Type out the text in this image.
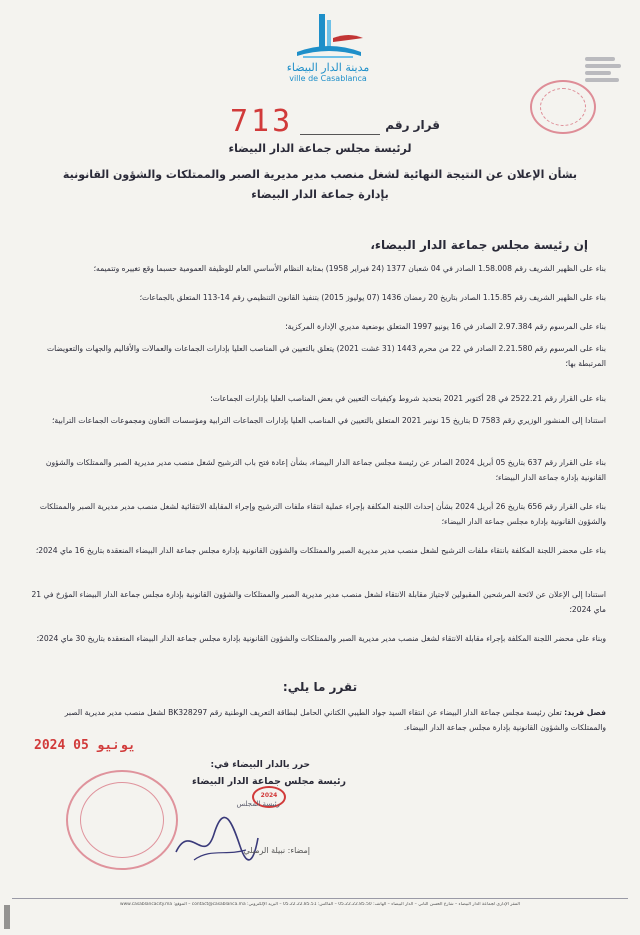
مدينة الدار البيضاء
ville de Casablanca
713	قرار رقم
لرئيسة مجلس جماعة الدار البيضاء
بشأن الإعلان عن النتيجة النهائية لشغل منصب مدير مديرية الصبر والممتلكات والشؤون القانونية
بإدارة جماعة الدار البيضاء
إن رئيسة مجلس جماعة الدار البيضاء،
بناء على الظهير الشريف رقم 1.58.008 الصادر في 04 شعبان 1377 (24 فبراير 1958) بمثابة النظام الأساسي العام للوظيفة العمومية حسبما وقع تغييره وتتميمه؛
بناء على الظهير الشريف رقم 1.15.85 الصادر بتاريخ 20 رمضان 1436 (07 يوليوز 2015) بتنفيذ القانون التنظيمي رقم 14-113 المتعلق بالجماعات؛
بناء على المرسوم رقم 2.97.384 الصادر في 16 يونيو 1997 المتعلق بوضعية مديري الإدارة المركزية؛
بناء على المرسوم رقم 2.21.580 الصادر في 22 من محرم 1443 (31 غشت 2021) يتعلق بالتعيين في المناصب العليا بإدارات الجماعات والعمالات والأقاليم والجهات والتعويضات المرتبطة بها؛
بناء على القرار رقم 2522.21 في 28 أكتوبر 2021 بتحديد شروط وكيفيات التعيين في بعض المناصب العليا بإدارات الجماعات؛
استنادا إلى المنشور الوزيري رقم D 7583 بتاريخ 15 نونبر 2021 المتعلق بالتعيين في المناصب العليا بإدارات الجماعات الترابية ومؤسسات التعاون ومجموعات الجماعات الترابية؛
بناء على القرار رقم 637 بتاريخ 05 أبريل 2024 الصادر عن رئيسة مجلس جماعة الدار البيضاء، بشأن إعادة فتح باب الترشيح لشغل منصب مدير مديرية الصبر والممتلكات والشؤون القانونية بإدارة جماعة الدار البيضاء؛
بناء على القرار رقم 656 بتاريخ 26 أبريل 2024 بشأن إحداث اللجنة المكلفة بإجراء عملية انتقاء ملفات الترشيح وإجراء المقابلة الانتقائية لشغل منصب مدير مديرية الصبر والممتلكات والشؤون القانونية بإدارة مجلس جماعة الدار البيضاء؛
بناء على محضر اللجنة المكلفة بانتقاء ملفات الترشيح لشغل منصب مدير مديرية الصبر والممتلكات والشؤون القانونية بإدارة مجلس جماعة الدار البيضاء المنعقدة بتاريخ 16 ماي 2024؛
استنادا إلى الإعلان عن لائحة المرشحين المقبولين لاجتياز مقابلة الانتقاء لشغل منصب مدير مديرية الصبر والممتلكات والشؤون القانونية بإدارة مجلس جماعة الدار البيضاء المؤرخ في 21 ماي 2024؛
وبناء على محضر اللجنة المكلفة بإجراء مقابلة الانتقاء لشغل منصب مدير مديرية الصبر والممتلكات والشؤون القانونية بإدارة مجلس جماعة الدار البيضاء المنعقدة بتاريخ 30 ماي 2024؛
تقرر ما يلي:
فصل فريد: تعلن رئيسة مجلس جماعة الدار البيضاء عن انتقاء السيد جواد الطيبي الكتاني الحامل لبطاقة التعريف الوطنية رقم BK328297 لشغل منصب مدير مديرية الصبر والممتلكات والشؤون القانونية بإدارة مجلس جماعة الدار البيضاء.
2024 يونيو 05
حرر بالدار البيضاء في:
2024
رئيسة مجلس جماعة الدار البيضاء
رئيسة المجلس
إمضاء: نبيلة الرميلي
المقر الإداري لجماعة الدار البيضاء – شارع الحسن الثاني – الدار البيضاء – الهاتف: 05.22.22.85.50 – الفاكس: 05.22.22.85.51 – البريد الإلكتروني: contact@casablanca.ma – الموقع: www.casablancacity.ma
